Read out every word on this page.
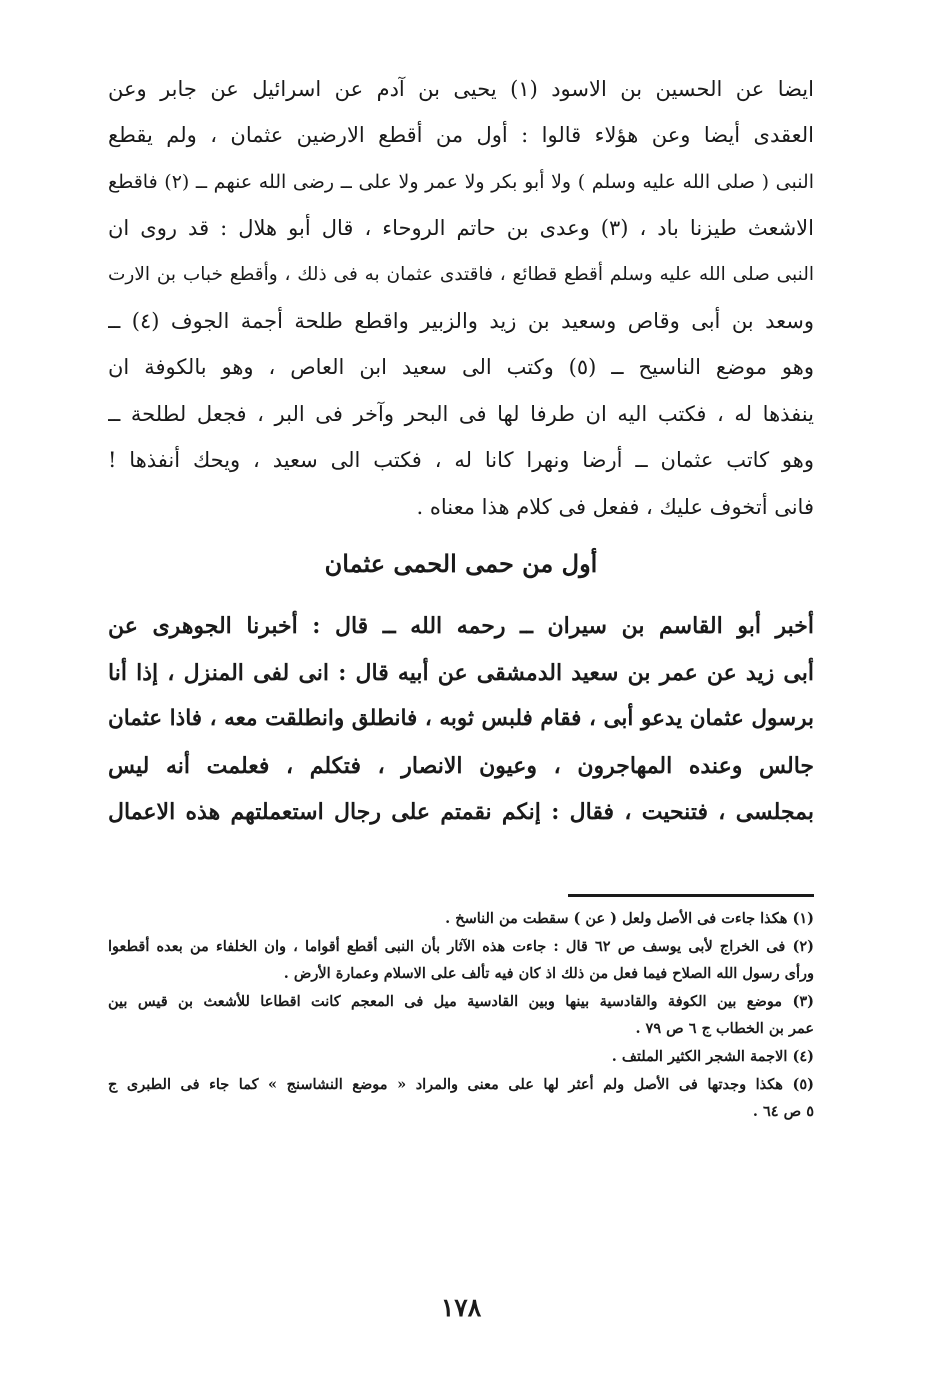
ايضا عن الحسين بن الاسود (١) يحيى بن آدم عن اسرائيل عن جابر وعن
العقدى أيضا وعن هؤلاء قالوا : أول من أقطع الارضين عثمان ، ولم يقطع
النبى ( صلى الله عليه وسلم ) ولا أبو بكر ولا عمر ولا على ــ رضى الله عنهم ــ (٢) فاقطع
الاشعث طيزنا باد ، (٣) وعدى بن حاتم الروحاء ، قال أبو هلال : قد روى ان
النبى صلى الله عليه وسلم أقطع قطائع ، فاقتدى عثمان به فى ذلك ، وأقطع خباب بن الارت
وسعد بن أبى وقاص وسعيد بن زيد والزبير واقطع طلحة أجمة الجوف (٤) ــ
وهو موضع الناسيح ــ (٥) وكتب الى سعيد ابن العاص ، وهو بالكوفة ان
ينفذها له ، فكتب اليه ان طرفا لها فى البحر وآخر فى البر ، فجعل لطلحة ــ
وهو كاتب عثمان ــ أرضا ونهرا كانا له ، فكتب الى سعيد ، ويحك أنفذها !
فانى أتخوف عليك ، ففعل فى كلام هذا معناه .
أول من حمى الحمى عثمان
أخبر أبو القاسم بن سيران ــ رحمه الله ــ قال : أخبرنا الجوهرى عن
أبى زيد عن عمر بن سعيد الدمشقى عن أبيه قال : انى لفى المنزل ، إذا أنا
برسول عثمان يدعو أبى ، فقام فلبس ثوبه ، فانطلق وانطلقت معه ، فاذا عثمان
جالس وعنده المهاجرون ، وعيون الانصار ، فتكلم ، فعلمت أنه ليس
بمجلسى ، فتنحيت ، فقال : إنكم نقمتم على رجال استعملتهم هذه الاعمال
(١) هكذا جاءت فى الأصل ولعل ( عن ) سقطت من الناسخ .
(٢) فى الخراج لأبى يوسف ص ٦٢ قال : جاءت هذه الآثار بأن النبى أقطع أقواما ، وان الخلفاء من بعده أقطعوا
ورأى رسول الله الصلاح فيما فعل من ذلك اذ كان فيه تألف على الاسلام وعمارة الأرض .
(٣) موضع بين الكوفة والقادسية بينها وبين القادسية ميل فى المعجم كانت اقطاعا للأشعث بن قيس بين
عمر بن الخطاب ج ٦ ص ٧٩ .
(٤) الاجمة الشجر الكثير الملتف .
(٥) هكذا وجدتها فى الأصل ولم أعثر لها على معنى والمراد « موضع النشاسنج » كما جاء فى الطبرى ج
٥ ص ٦٤ .
١٧٨
